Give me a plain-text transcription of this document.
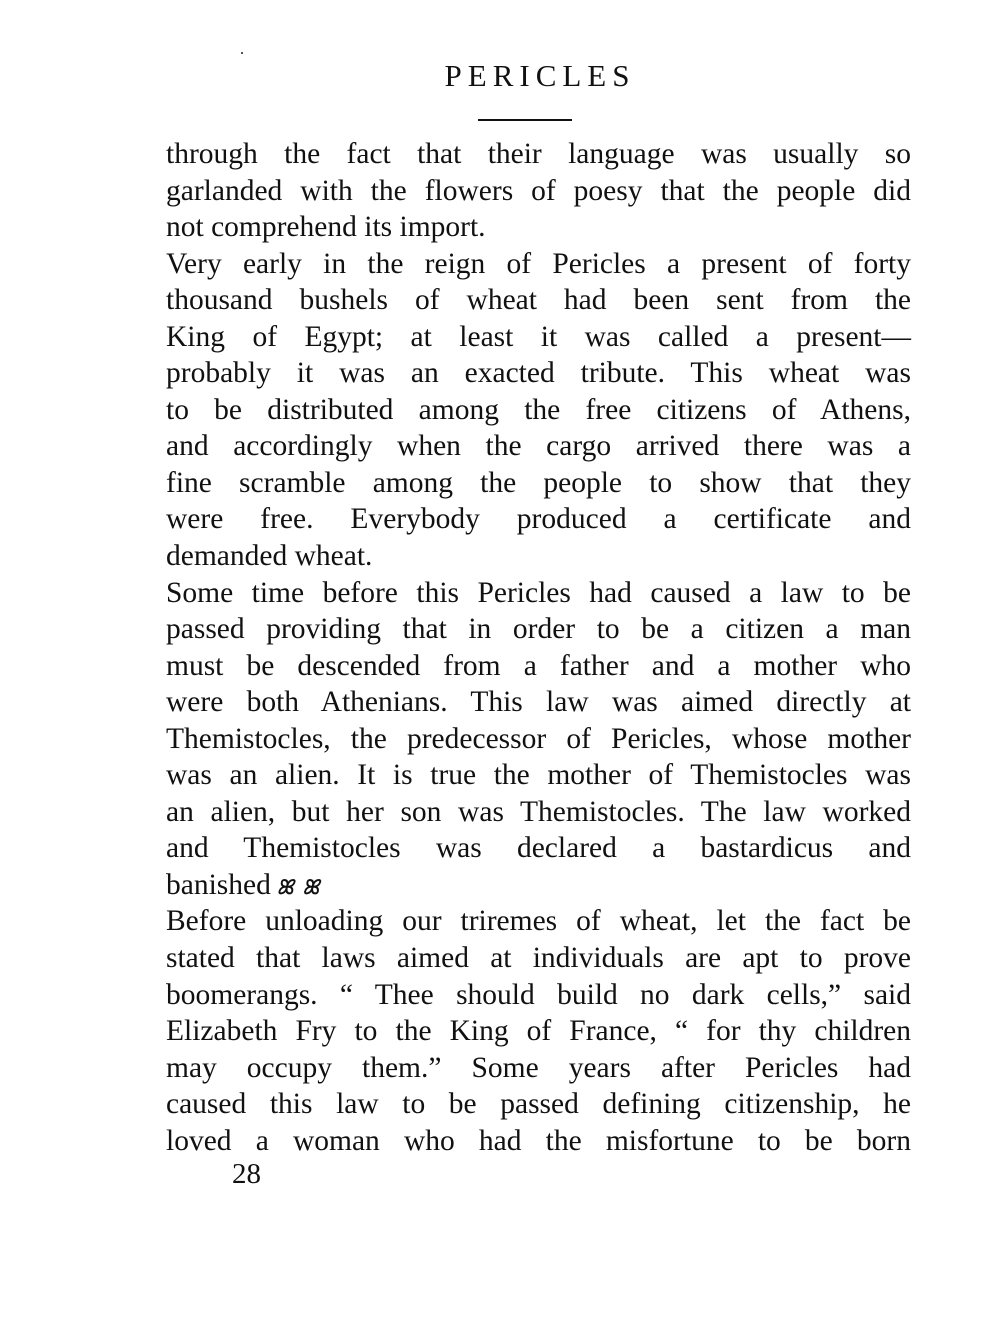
PERICLES
through the fact that their language was usually so
garlanded with the flowers of poesy that the people did
not comprehend its import.
Very early in the reign of Pericles a present of forty
thousand bushels of wheat had been sent from the
King of Egypt; at least it was called a present—
probably it was an exacted tribute. This wheat was
to be distributed among the free citizens of Athens,
and accordingly when the cargo arrived there was a
fine scramble among the people to show that they
were free. Everybody produced a certificate and
demanded wheat.
Some time before this Pericles had caused a law to be
passed providing that in order to be a citizen a man
must be descended from a father and a mother who
were both Athenians. This law was aimed directly at
Themistocles, the predecessor of Pericles, whose mother
was an alien. It is true the mother of Themistocles was
an alien, but her son was Themistocles. The law worked
and Themistocles was declared a bastardicus and
banished ꕤ ꕤ
Before unloading our triremes of wheat, let the fact be
stated that laws aimed at individuals are apt to prove
boomerangs. “ Thee should build no dark cells,” said
Elizabeth Fry to the King of France, “ for thy children
may occupy them.” Some years after Pericles had
caused this law to be passed defining citizenship, he
loved a woman who had the misfortune to be born
28
